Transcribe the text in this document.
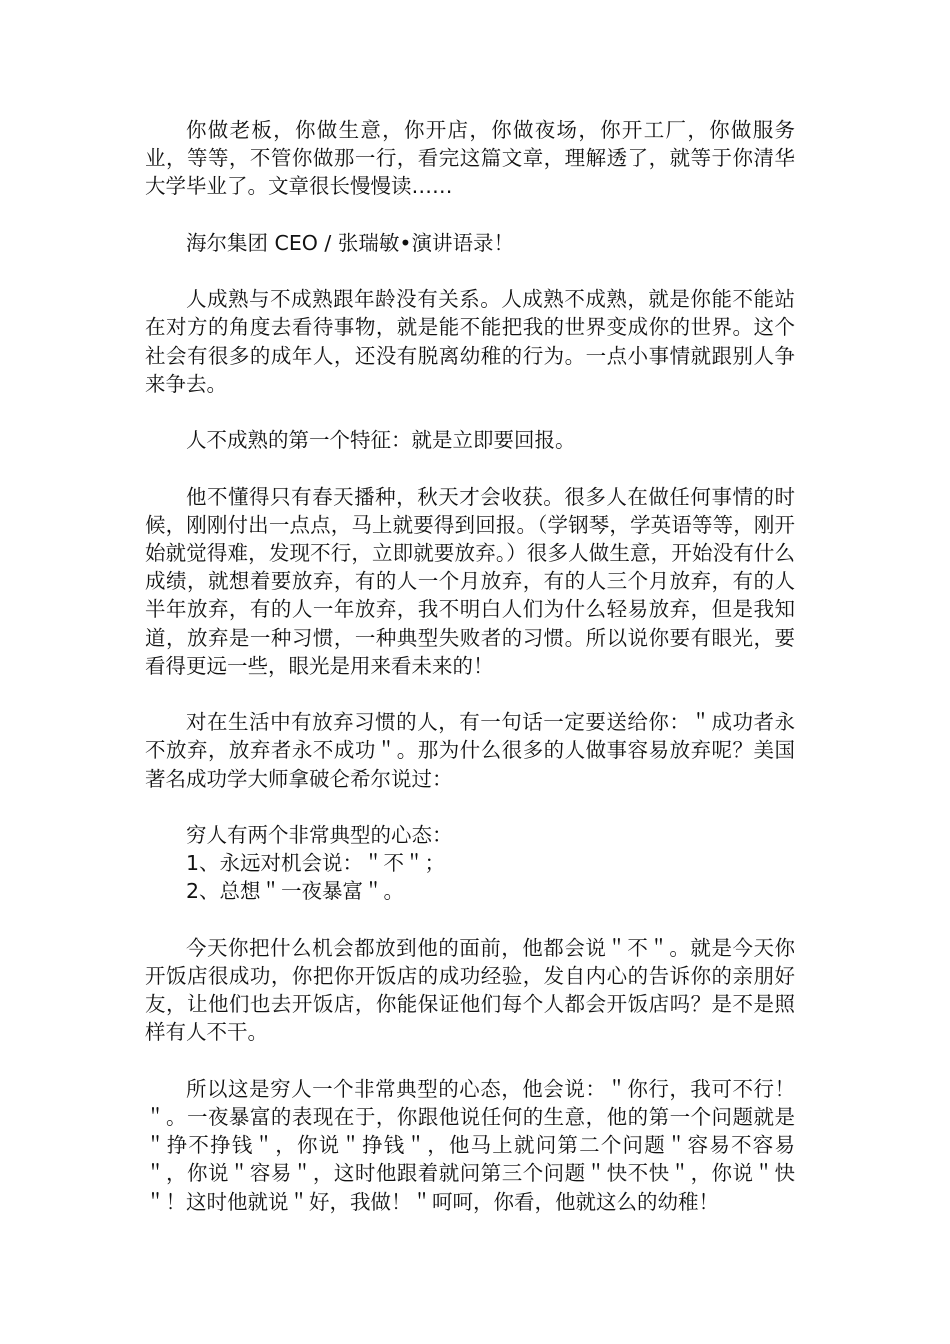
你做老板，你做生意，你开店，你做夜场，你开工厂，你做服务业，等等，不管你做那一行，看完这篇文章，理解透了，就等于你清华大学毕业了。文章很长慢慢读……

海尔集团 CEO / 张瑞敏•演讲语录！

人成熟与不成熟跟年龄没有关系。人成熟不成熟，就是你能不能站在对方的角度去看待事物，就是能不能把我的世界变成你的世界。这个社会有很多的成年人，还没有脱离幼稚的行为。一点小事情就跟别人争来争去。

人不成熟的第一个特征：就是立即要回报。

他不懂得只有春天播种，秋天才会收获。很多人在做任何事情的时候，刚刚付出一点点，马上就要得到回报。（学钢琴，学英语等等，刚开始就觉得难，发现不行，立即就要放弃。）很多人做生意，开始没有什么成绩，就想着要放弃，有的人一个月放弃，有的人三个月放弃，有的人半年放弃，有的人一年放弃，我不明白人们为什么轻易放弃，但是我知道，放弃是一种习惯，一种典型失败者的习惯。所以说你要有眼光，要看得更远一些，眼光是用来看未来的！

对在生活中有放弃习惯的人，有一句话一定要送给你：＂成功者永不放弃，放弃者永不成功＂。那为什么很多的人做事容易放弃呢？美国著名成功学大师拿破仑希尔说过：

穷人有两个非常典型的心态：
1、永远对机会说：＂不＂；
2、总想＂一夜暴富＂。

今天你把什么机会都放到他的面前，他都会说＂不＂。就是今天你开饭店很成功，你把你开饭店的成功经验，发自内心的告诉你的亲朋好友，让他们也去开饭店，你能保证他们每个人都会开饭店吗？是不是照样有人不干。

所以这是穷人一个非常典型的心态，他会说：＂你行，我可不行！＂。一夜暴富的表现在于，你跟他说任何的生意，他的第一个问题就是＂挣不挣钱＂，你说＂挣钱＂，他马上就问第二个问题＂容易不容易＂，你说＂容易＂，这时他跟着就问第三个问题＂快不快＂，你说＂快＂！这时他就说＂好，我做！＂呵呵，你看，他就这么的幼稚！
